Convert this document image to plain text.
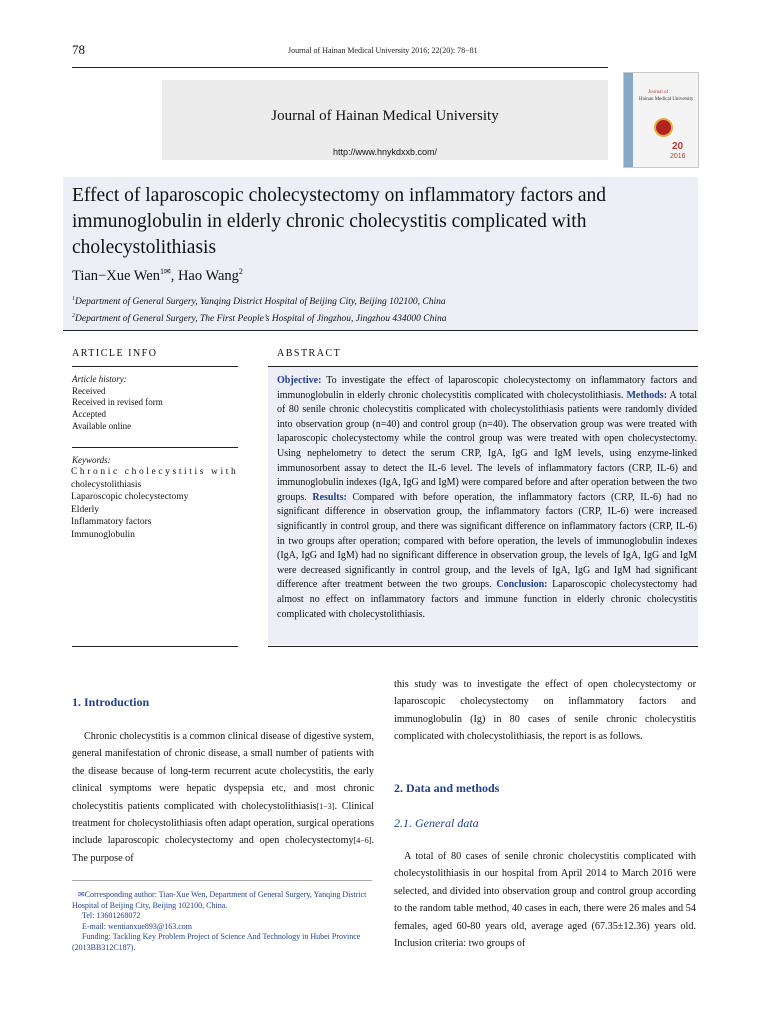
78	Journal of Hainan Medical University 2016; 22(20): 78−81
Journal of Hainan Medical University
http://www.hnykdxxb.com/
Journal of
Hainan Medical University
20
2016
Effect of laparoscopic cholecystectomy on inflammatory factors and immunoglobulin in elderly chronic cholecystitis complicated with cholecystolithiasis
Tian−Xue Wen$^1$✉, Hao Wang$^2$
$^1$Department of General Surgery, Yanqing District Hospital of Beijing City, Beijing 102100, China
$^2$Department of General Surgery, The First People’s Hospital of Jingzhou, Jingzhou 434000 China
ARTICLE INFO
Article history:
Received
Received in revised form
Accepted
Available online
Keywords:
Chronic cholecystitis with
cholecystolithiasis
Laparoscopic cholecystectomy
Elderly
Inflammatory factors
Immunoglobulin
ABSTRACT
Objective: To investigate the effect of laparoscopic cholecystectomy on inflammatory factors and immunoglobulin in elderly chronic cholecystitis complicated with cholecystolithiasis. Methods: A total of 80 senile chronic cholecystitis complicated with cholecystolithiasis patients were randomly divided into observation group (n=40) and control group (n=40). The observation group was were treated with laparoscopic cholecystectomy while the control group was were treated with open cholecystectomy. Using nephelometry to detect the serum CRP, IgA, IgG and IgM levels, using enzyme-linked immunosorbent assay to detect the IL-6 level. The levels of inflammatory factors (CRP, IL-6) and immunoglobulin indexes (IgA, IgG and IgM) were compared before and after operation between the two groups. Results: Compared with before operation, the inflammatory factors (CRP, IL-6) had no significant difference in observation group, the inflammatory factors (CRP, IL-6) were increased significantly in control group, and there was significant difference on inflammatory factors (CRP, IL-6) in two groups after operation; compared with before operation, the levels of immunoglobulin indexes (IgA, IgG and IgM) had no significant difference in observation group, the levels of IgA, IgG and IgM were decreased significantly in control group, and the levels of IgA, IgG and IgM had significant difference after treatment between the two groups. Conclusion: Laparoscopic cholecystectomy had almost no effect on inflammatory factors and immune function in elderly chronic cholecystitis complicated with cholecystolithiasis.
1. Introduction
Chronic cholecystitis is a common clinical disease of digestive system, general manifestation of chronic disease, a small number of patients with the disease because of long-term recurrent acute cholecystitis, the early clinical symptoms were hepatic dyspepsia etc, and most chronic cholecystitis patients complicated with cholecystolithiasis[1−3]. Clinical treatment for cholecystolithiasis often adapt operation, surgical operations include laparoscopic cholecystectomy and open cholecystectomy[4−6]. The purpose of
✉Corresponding author: Tian-Xue Wen, Department of General Surgery, Yanqing District Hospital of Beijing City, Beijing 102100, China.
Tel: 13601268072
E-mail: wentianxue893@163.com
Funding: Tackling Key Problem Project of Science And Technology in Hubei Province (2013BB312C187).
this study was to investigate the effect of open cholecystectomy or laparoscopic cholecystectomy on inflammatory factors and immunoglobulin (Ig) in 80 cases of senile chronic cholecystitis complicated with cholecystolithiasis, the report is as follows.
2. Data and methods
2.1. General data
A total of 80 cases of senile chronic cholecystitis complicated with cholecystolithiasis in our hospital from April 2014 to March 2016 were selected, and divided into observation group and control group according to the random table method, 40 cases in each, there were 26 males and 54 females, aged 60-80 years old, average aged (67.35±12.36) years old. Inclusion criteria: two groups of
